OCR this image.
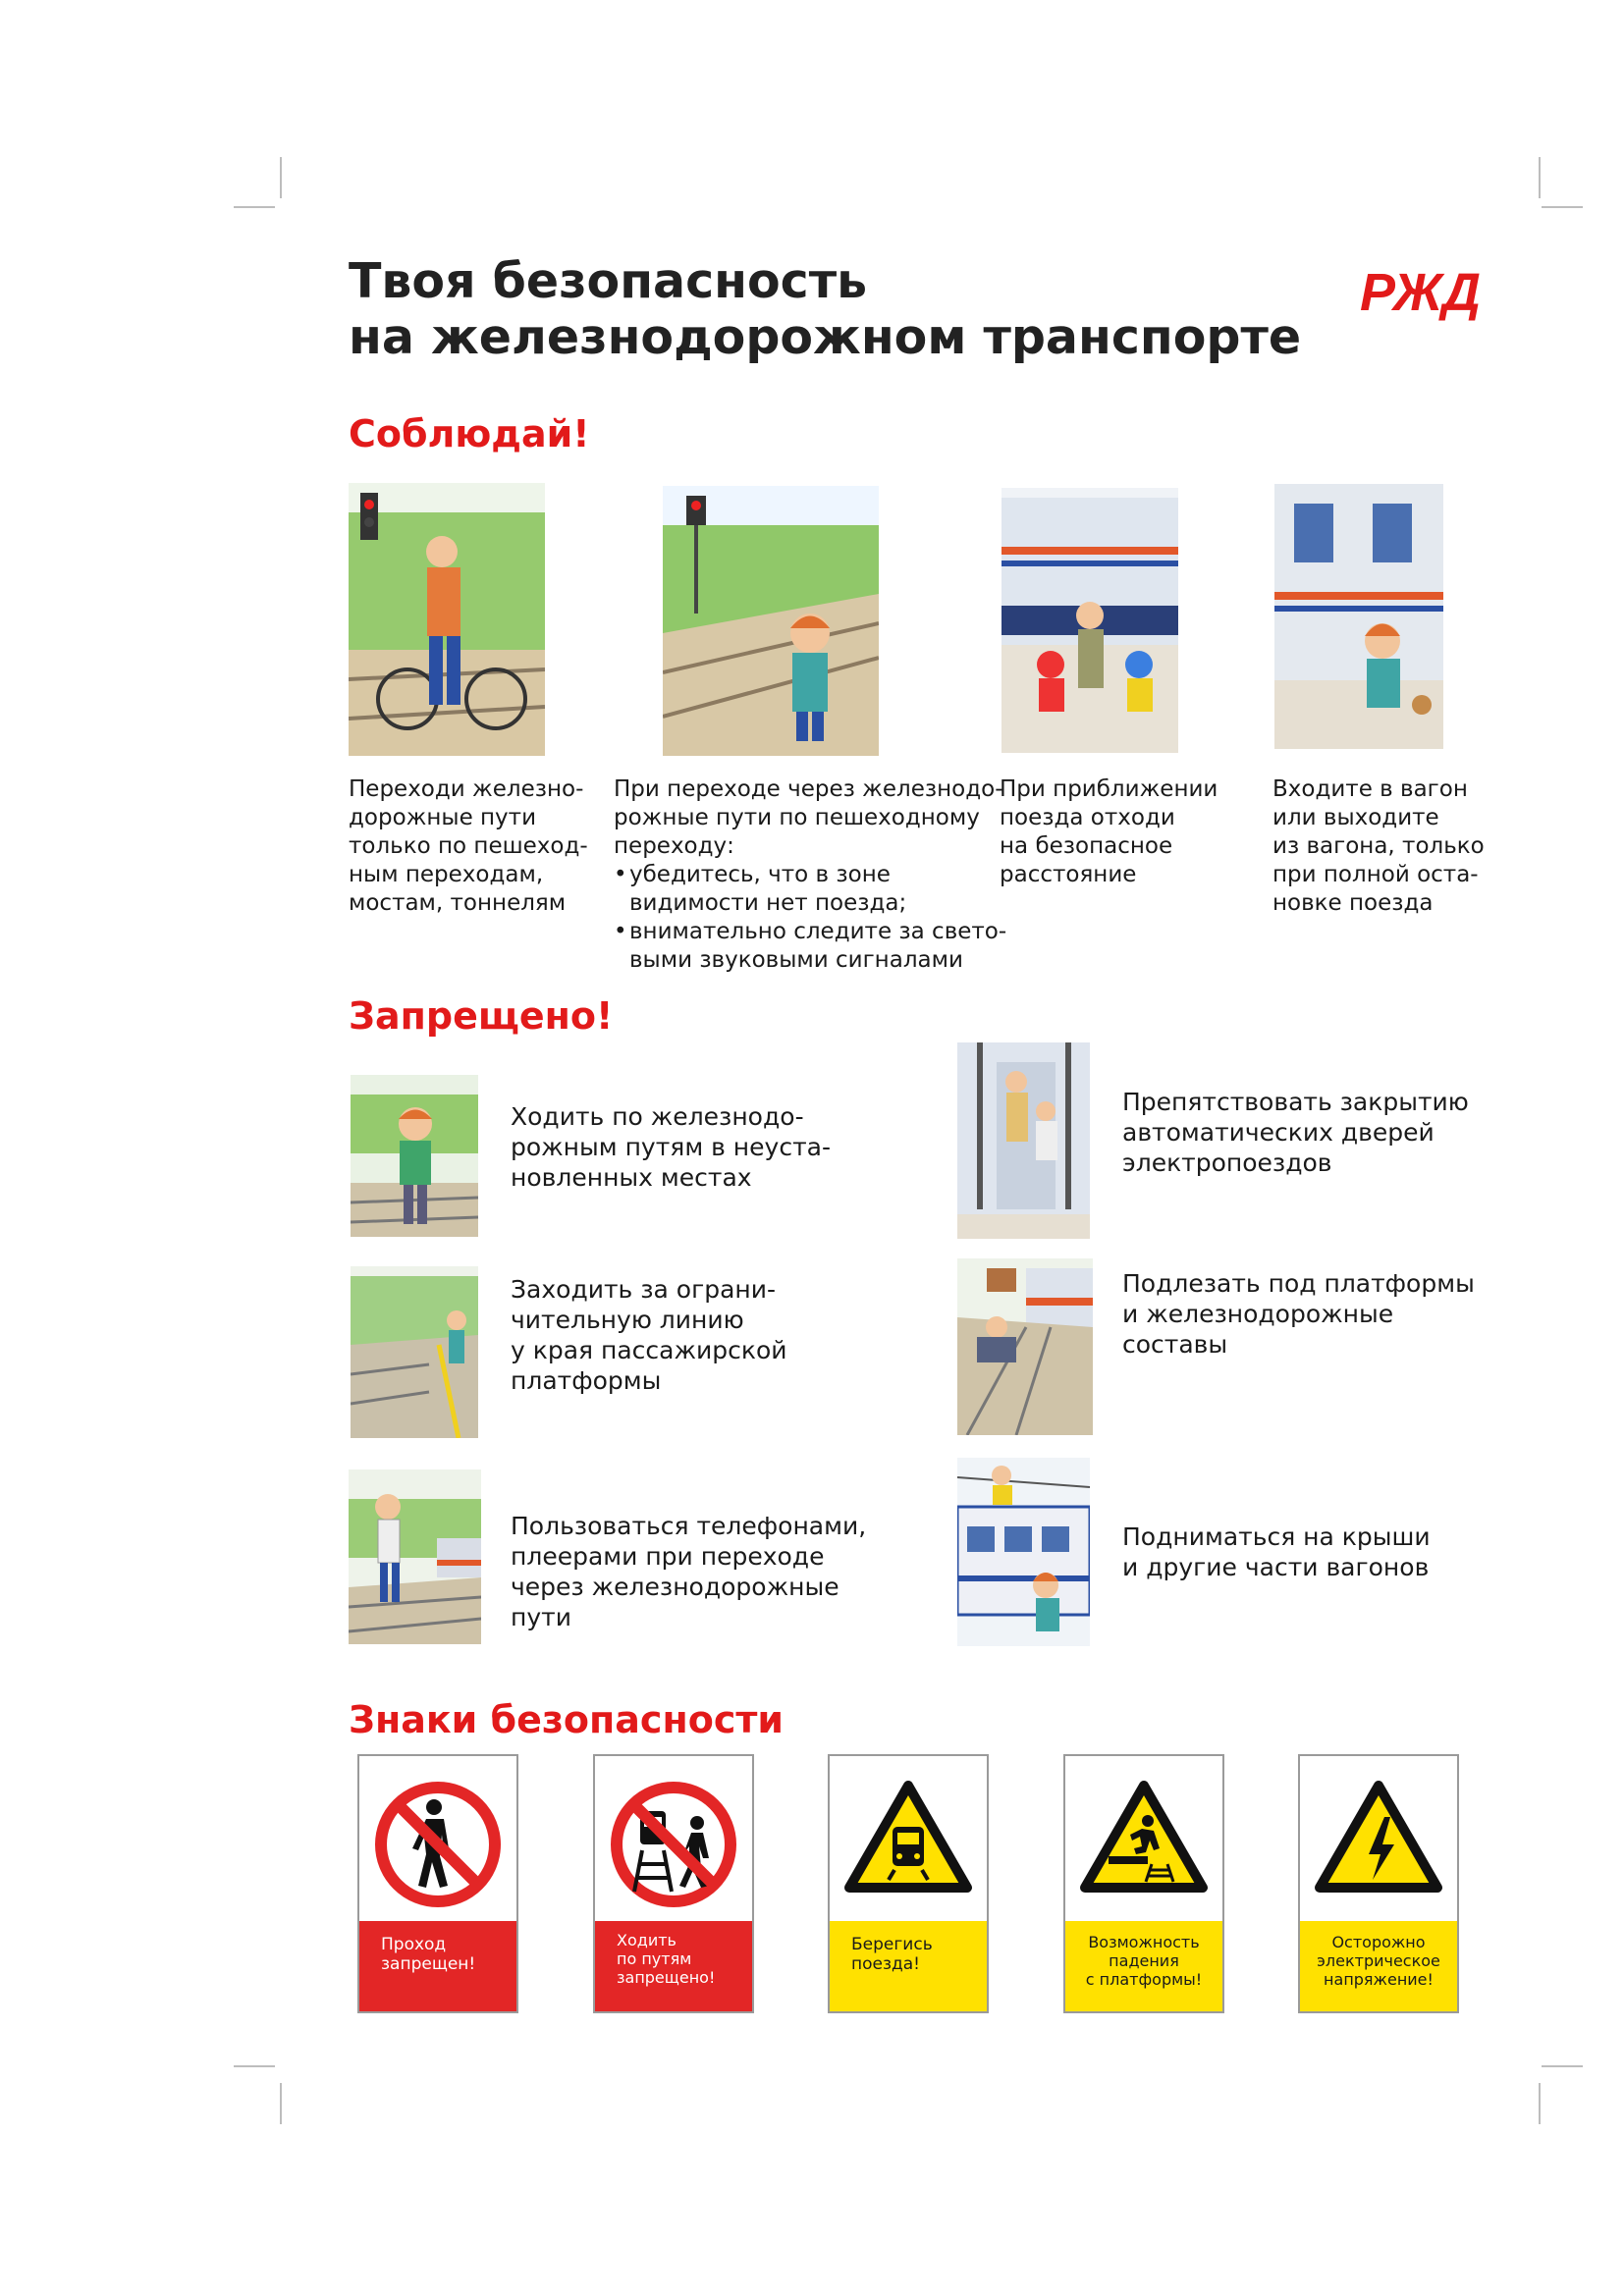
Твоя безопасность
на железнодорожном транспорте
РЖД
Соблюдай!
Переходи железно-
дорожные пути
только по пешеход-
ным переходам,
мостам, тоннелям
При переходе через железнодо-
рожные пути по пешеходному
переходу:
• убедитесь, что в зоне
видимости нет поезда;
• внимательно следите за свето-
выми звуковыми сигналами
При приближении
поезда отходи
на безопасное
расстояние
Входите в вагон
или выходите
из вагона, только
при полной оста-
новке поезда
Запрещено!
Ходить по железнодо-
рожным путям в неуста-
новленных местах
Заходить за ограни-
чительную линию
у края пассажирской
платформы
Пользоваться телефонами,
плеерами при переходе
через железнодорожные
пути
Препятствовать закрытию
автоматических дверей
электропоездов
Подлезать под платформы
и железнодорожные
составы
Подниматься на крыши
и другие части вагонов
Знаки безопасности
Проход
запрещен!
Ходить
по путям
запрещено!
Берегись
поезда!
Возможность
падения
с платформы!
Осторожно
электрическое
напряжение!
